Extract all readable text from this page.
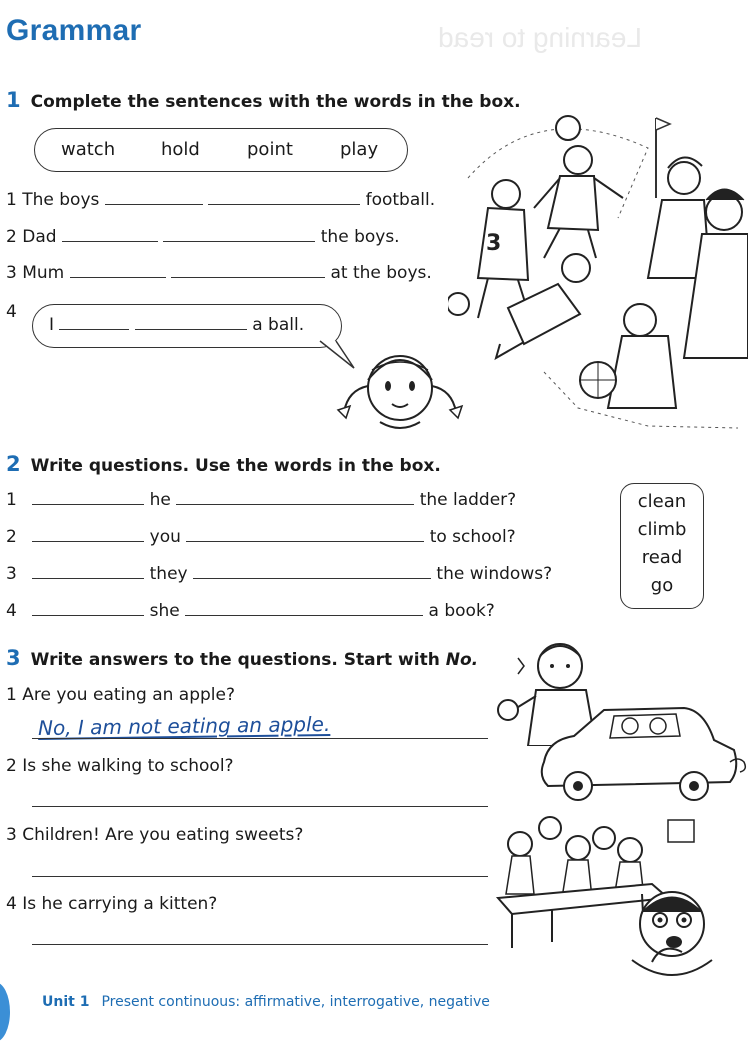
Grammar	Learning to read
1 Complete the sentences with the words in the box.
watch	hold	point	play
1 The boys	football.
2 Dad	the boys.
3 Mum	at the boys.
4
I	a ball.
3
2 Write questions. Use the words in the box.
1	he	the ladder?
2	you	to school?
3	they	the windows?
4	she	a book?
clean
climb
read
go
3 Write answers to the questions. Start with No.
1 Are you eating an apple?
No, I am not eating an apple.
2 Is she walking to school?
3 Children! Are you eating sweets?
4 Is he carrying a kitten?
Unit 1 Present continuous: affirmative, interrogative, negative
